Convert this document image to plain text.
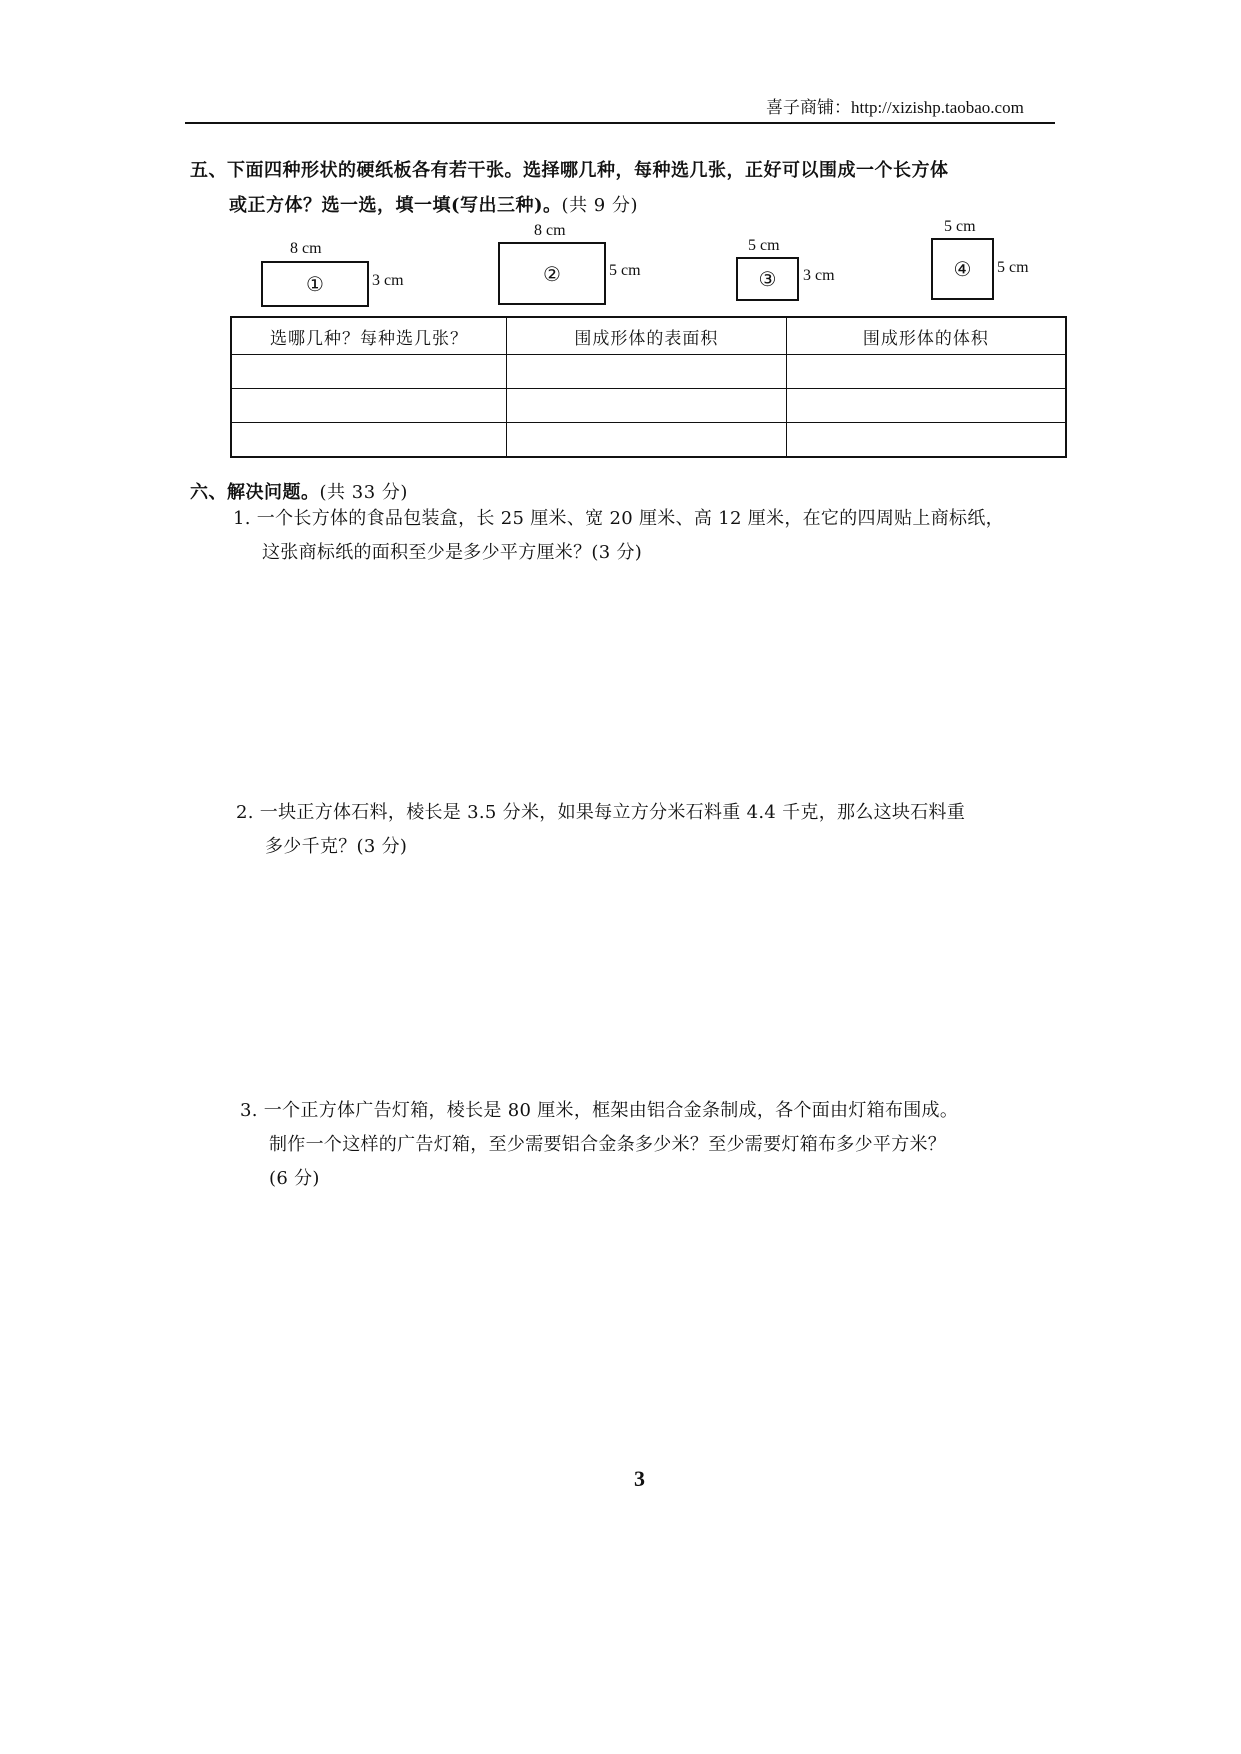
喜子商铺：http://xizishp.taobao.com
五、下面四种形状的硬纸板各有若干张。选择哪几种，每种选几张，正好可以围成一个长方体
或正方体？选一选，填一填(写出三种)。(共 9 分)
8 cm
①	3 cm
8 cm
②	5 cm
5 cm
③ 3 cm
5 cm
④ 5 cm
选哪几种？每种选几张？	围成形体的表面积	围成形体的体积

六、解决问题。(共 33 分)
1. 一个长方体的食品包装盒，长 25 厘米、宽 20 厘米、高 12 厘米，在它的四周贴上商标纸，
这张商标纸的面积至少是多少平方厘米？(3 分)
2. 一块正方体石料，棱长是 3.5 分米，如果每立方分米石料重 4.4 千克，那么这块石料重
多少千克？(3 分)
3. 一个正方体广告灯箱，棱长是 80 厘米，框架由铝合金条制成，各个面由灯箱布围成。
制作一个这样的广告灯箱，至少需要铝合金条多少米？至少需要灯箱布多少平方米？
(6 分)
3
